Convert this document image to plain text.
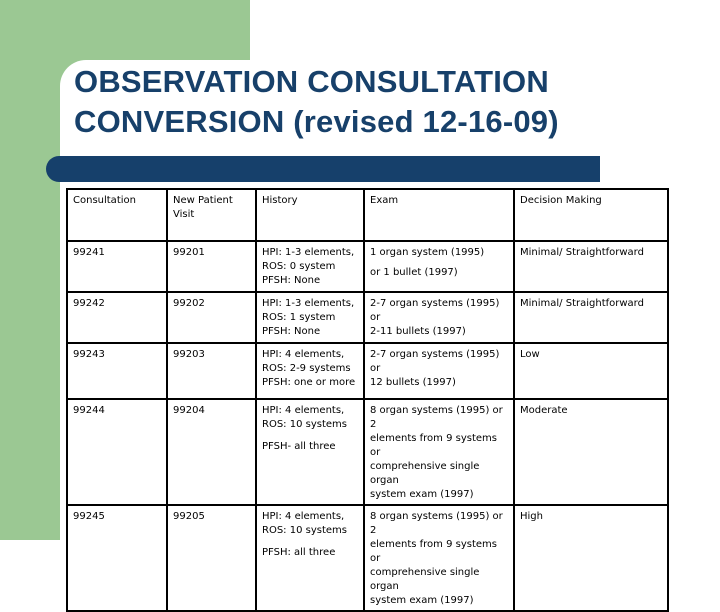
OBSERVATION CONSULTATION
CONVERSION (revised 12-16-09)
Consultation	New Patient
Visit	History	Exam	Decision Making

99241	99201	HPI: 1-3 elements,
ROS: 0 system
PFSH: None	1 organ system (1995)
or 1 bullet (1997)	Minimal/ Straightforward

99242	99202	HPI: 1-3 elements,
ROS: 1 system
PFSH: None	2-7 organ systems (1995) or
2-11 bullets (1997)	Minimal/ Straightforward

99243	99203	HPI: 4 elements,
ROS: 2-9 systems
PFSH: one or more	2-7 organ systems (1995) or
12 bullets (1997)	Low

99244	99204	HPI: 4 elements,
ROS: 10 systems
PFSH- all three	8 organ systems (1995) or 2
elements from 9 systems or
comprehensive single organ
system exam (1997)	Moderate

99245	99205	HPI: 4 elements,
ROS: 10 systems
PFSH: all three	8 organ systems (1995) or 2
elements from 9 systems or
comprehensive single organ
system exam (1997)	High
